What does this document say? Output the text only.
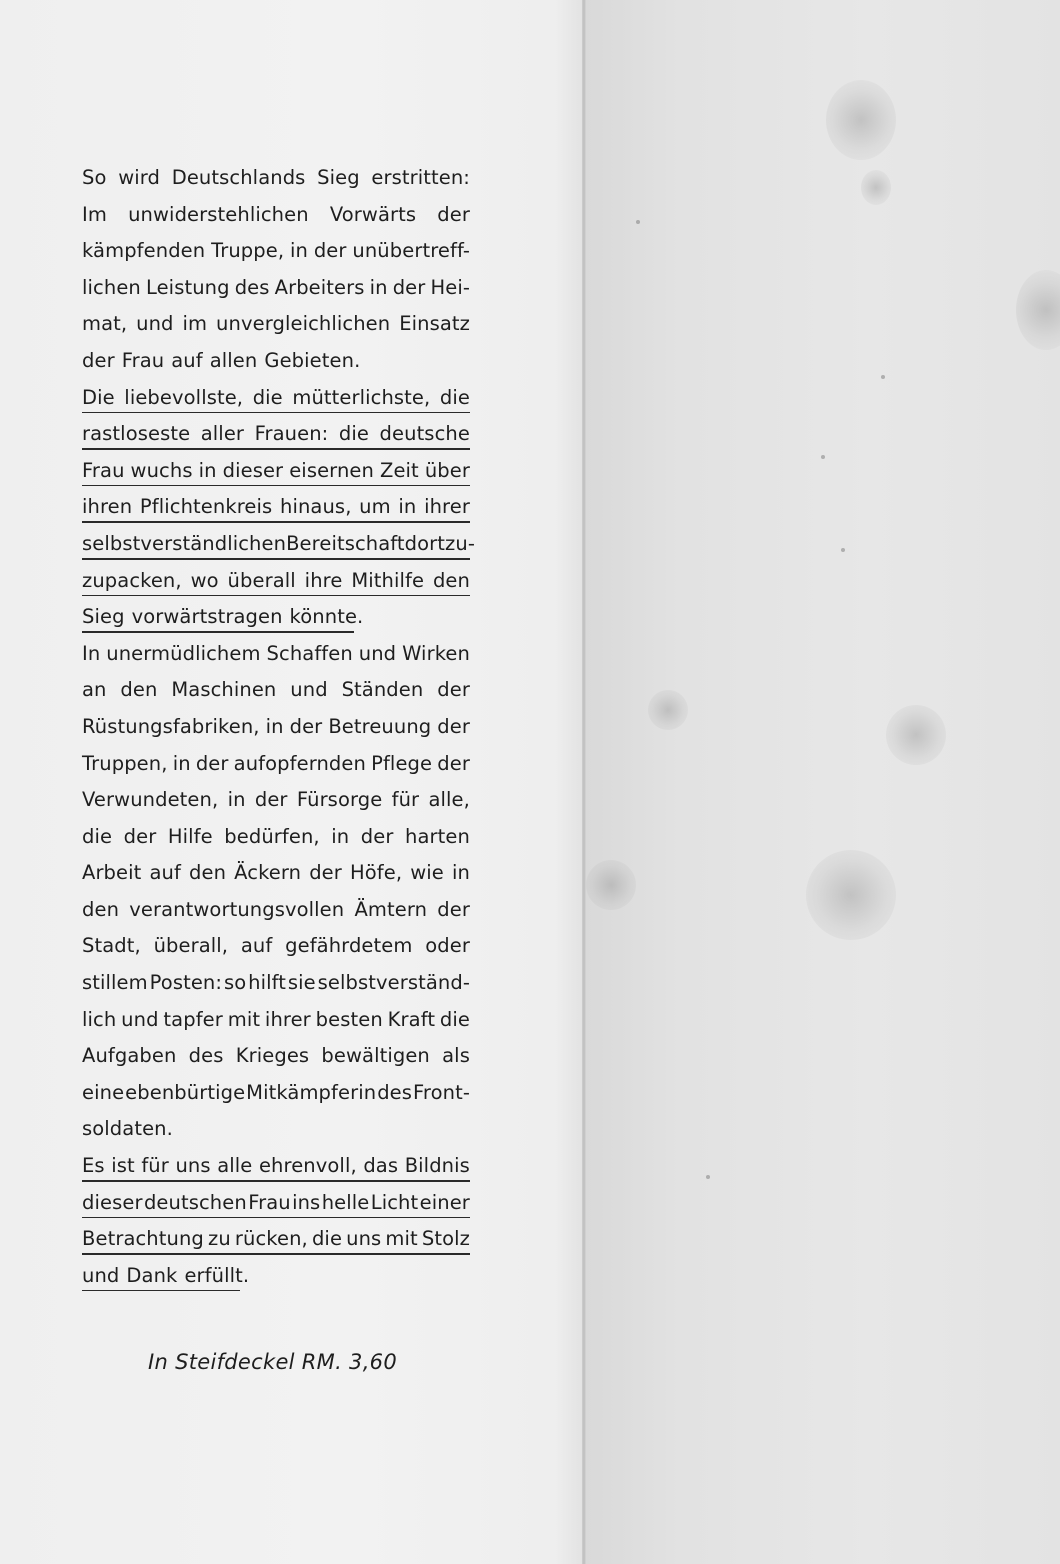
So wird Deutschlands Sieg erstritten:
Im unwiderstehlichen Vorwärts der
kämpfenden Truppe, in der unübertreff-
lichen Leistung des Arbeiters in der Hei-
mat, und im unvergleichlichen Einsatz
der Frau auf allen Gebieten.
Die liebevollste, die mütterlichste, die
rastloseste aller Frauen: die deutsche
Frau wuchs in dieser eisernen Zeit über
ihren Pflichtenkreis hinaus, um in ihrer
selbstverständlichen Bereitschaft dort zu-
zupacken, wo überall ihre Mithilfe den
Sieg vorwärtstragen könnte.
In unermüdlichem Schaffen und Wirken
an den Maschinen und Ständen der
Rüstungsfabriken, in der Betreuung der
Truppen, in der aufopfernden Pflege der
Verwundeten, in der Fürsorge für alle,
die der Hilfe bedürfen, in der harten
Arbeit auf den Äckern der Höfe, wie in
den verantwortungsvollen Ämtern der
Stadt, überall, auf gefährdetem oder
stillem Posten: so hilft sie selbstverständ-
lich und tapfer mit ihrer besten Kraft die
Aufgaben des Krieges bewältigen als
eine ebenbürtige Mitkämpferin des Front-
soldaten.
Es ist für uns alle ehrenvoll, das Bildnis
dieser deutschen Frau ins helle Licht einer
Betrachtung zu rücken, die uns mit Stolz
und Dank erfüllt.
In Steifdeckel RM. 3,60
